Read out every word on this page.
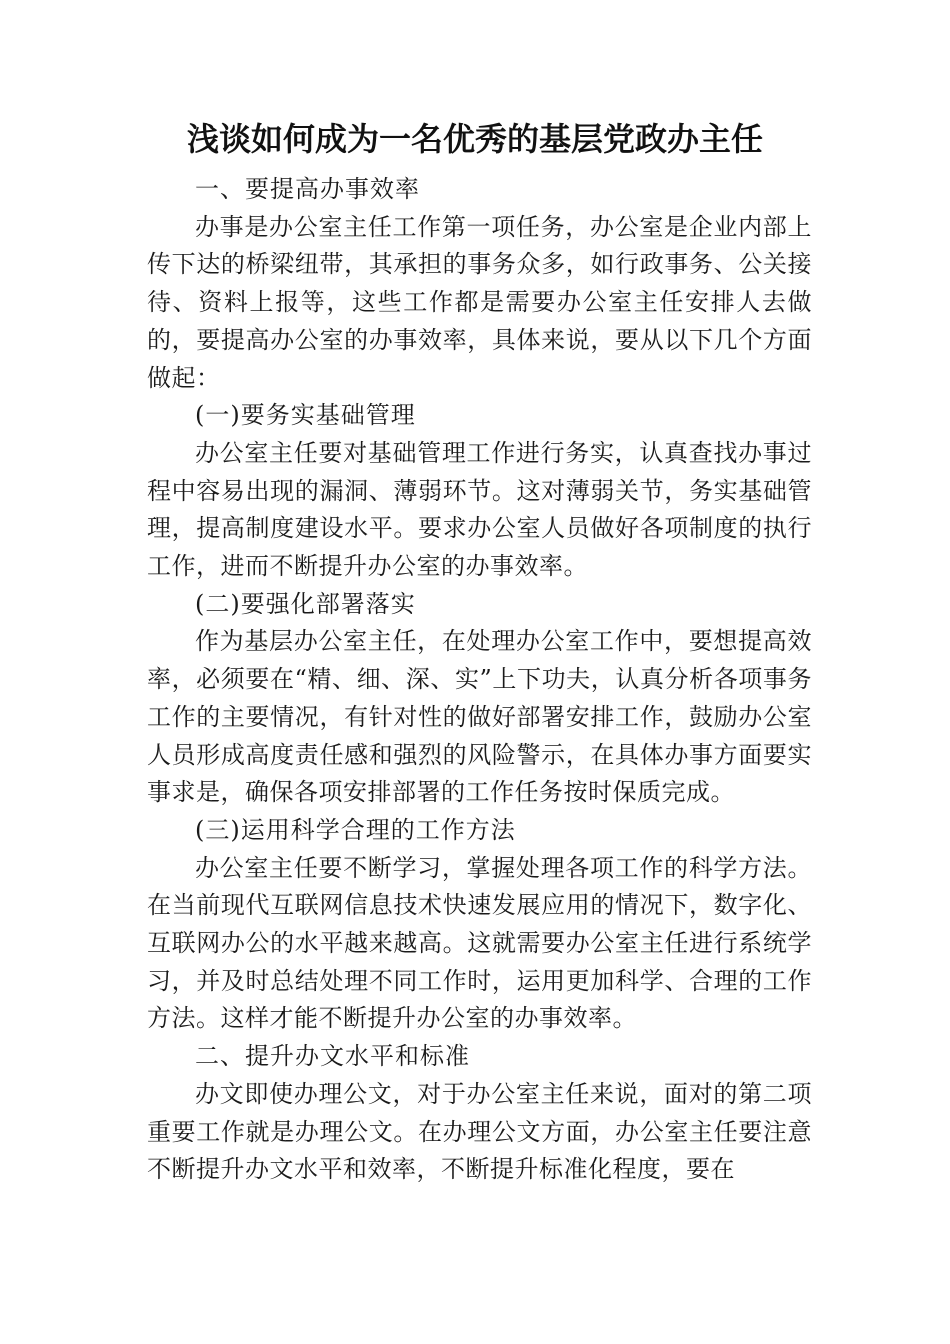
浅谈如何成为一名优秀的基层党政办主任

一、要提高办事效率

办事是办公室主任工作第一项任务，办公室是企业内部上传下达的桥梁纽带，其承担的事务众多，如行政事务、公关接待、资料上报等，这些工作都是需要办公室主任安排人去做的，要提高办公室的办事效率，具体来说，要从以下几个方面做起：

(一)要务实基础管理

办公室主任要对基础管理工作进行务实，认真查找办事过程中容易出现的漏洞、薄弱环节。这对薄弱关节，务实基础管理，提高制度建设水平。要求办公室人员做好各项制度的执行工作，进而不断提升办公室的办事效率。

(二)要强化部署落实

作为基层办公室主任，在处理办公室工作中，要想提高效率，必须要在“精、细、深、实”上下功夫，认真分析各项事务工作的主要情况，有针对性的做好部署安排工作，鼓励办公室人员形成高度责任感和强烈的风险警示，在具体办事方面要实事求是，确保各项安排部署的工作任务按时保质完成。

(三)运用科学合理的工作方法

办公室主任要不断学习，掌握处理各项工作的科学方法。在当前现代互联网信息技术快速发展应用的情况下，数字化、互联网办公的水平越来越高。这就需要办公室主任进行系统学习，并及时总结处理不同工作时，运用更加科学、合理的工作方法。这样才能不断提升办公室的办事效率。

二、提升办文水平和标准

办文即使办理公文，对于办公室主任来说，面对的第二项重要工作就是办理公文。在办理公文方面，办公室主任要注意不断提升办文水平和效率，不断提升标准化程度，要在
